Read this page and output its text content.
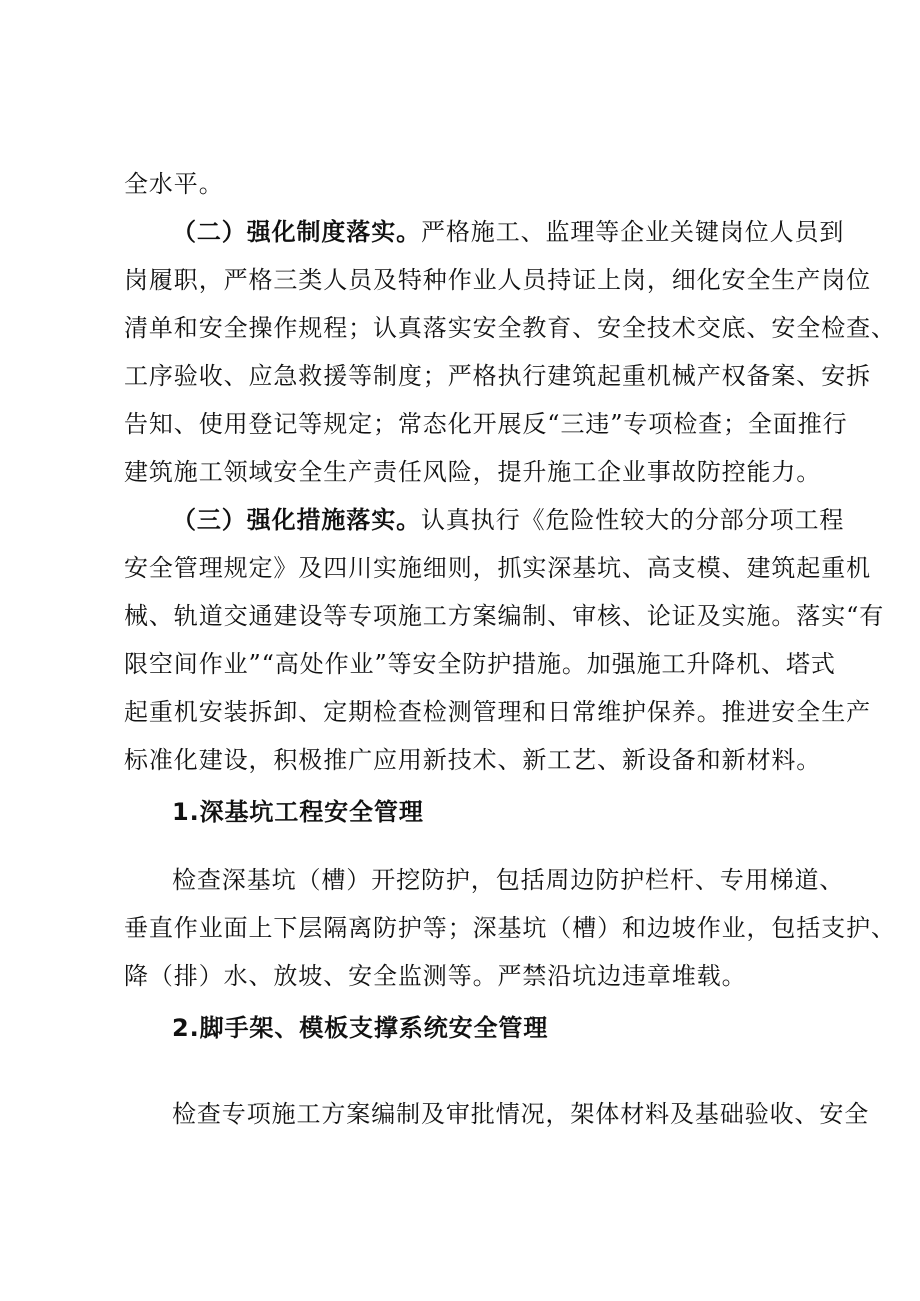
全水平。
（二）强化制度落实。严格施工、监理等企业关键岗位人员到
岗履职，严格三类人员及特种作业人员持证上岗，细化安全生产岗位
清单和安全操作规程；认真落实安全教育、安全技术交底、安全检查、
工序验收、应急救援等制度；严格执行建筑起重机械产权备案、安拆
告知、使用登记等规定；常态化开展反“三违”专项检查；全面推行
建筑施工领域安全生产责任风险，提升施工企业事故防控能力。
（三）强化措施落实。认真执行《危险性较大的分部分项工程
安全管理规定》及四川实施细则，抓实深基坑、高支模、建筑起重机
械、轨道交通建设等专项施工方案编制、审核、论证及实施。落实“有
限空间作业”“高处作业”等安全防护措施。加强施工升降机、塔式
起重机安装拆卸、定期检查检测管理和日常维护保养。推进安全生产
标准化建设，积极推广应用新技术、新工艺、新设备和新材料。
1.深基坑工程安全管理
检查深基坑（槽）开挖防护，包括周边防护栏杆、专用梯道、
垂直作业面上下层隔离防护等；深基坑（槽）和边坡作业，包括支护、
降（排）水、放坡、安全监测等。严禁沿坑边违章堆载。
2.脚手架、模板支撑系统安全管理
检查专项施工方案编制及审批情况，架体材料及基础验收、安全
